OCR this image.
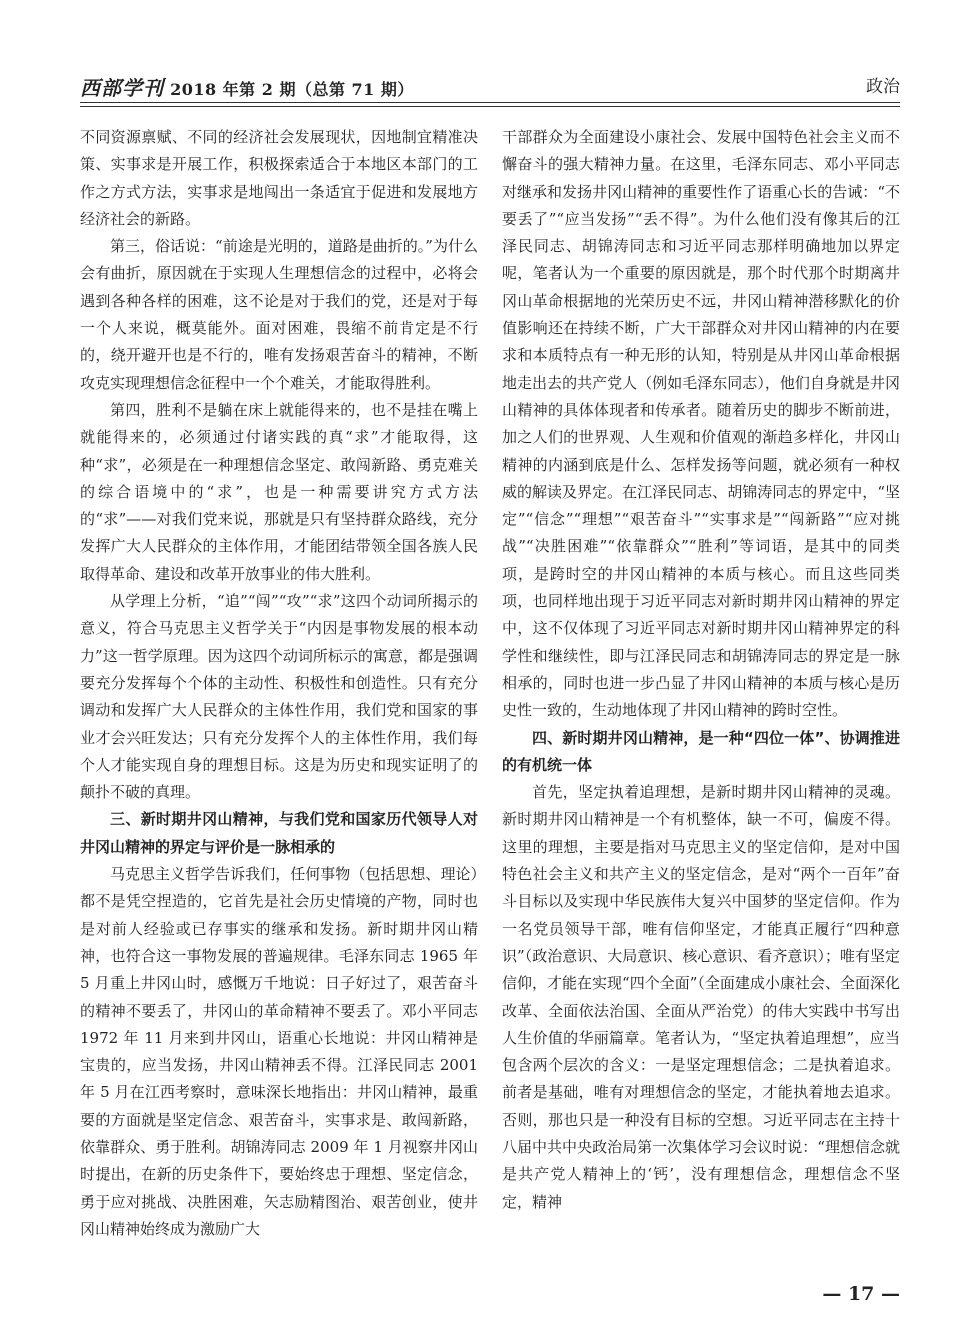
西部学刊 2018 年第 2 期（总第 71 期）	政治

不同资源禀赋、不同的经济社会发展现状，因地制宜精准决策、实事求是开展工作，积极探索适合于本地区本部门的工作之方式方法，实事求是地闯出一条适宜于促进和发展地方经济社会的新路。

第三，俗话说：“前途是光明的，道路是曲折的。”为什么会有曲折，原因就在于实现人生理想信念的过程中，必将会遇到各种各样的困难，这不论是对于我们的党，还是对于每一个人来说，概莫能外。面对困难，畏缩不前肯定是不行的，绕开避开也是不行的，唯有发扬艰苦奋斗的精神，不断攻克实现理想信念征程中一个个难关，才能取得胜利。

第四，胜利不是躺在床上就能得来的，也不是挂在嘴上就能得来的，必须通过付诸实践的真“求”才能取得，这种“求”，必须是在一种理想信念坚定、敢闯新路、勇克难关的综合语境中的“求”，也是一种需要讲究方式方法的“求”——对我们党来说，那就是只有坚持群众路线，充分发挥广大人民群众的主体作用，才能团结带领全国各族人民取得革命、建设和改革开放事业的伟大胜利。

从学理上分析，“追”“闯”“攻”“求”这四个动词所揭示的意义，符合马克思主义哲学关于“内因是事物发展的根本动力”这一哲学原理。因为这四个动词所标示的寓意，都是强调要充分发挥每个个体的主动性、积极性和创造性。只有充分调动和发挥广大人民群众的主体性作用，我们党和国家的事业才会兴旺发达；只有充分发挥个人的主体性作用，我们每个人才能实现自身的理想目标。这是为历史和现实证明了的颠扑不破的真理。

三、新时期井冈山精神，与我们党和国家历代领导人对井冈山精神的界定与评价是一脉相承的

马克思主义哲学告诉我们，任何事物（包括思想、理论）都不是凭空捏造的，它首先是社会历史情境的产物，同时也是对前人经验或已存事实的继承和发扬。新时期井冈山精神，也符合这一事物发展的普遍规律。毛泽东同志 1965 年 5 月重上井冈山时，感慨万千地说：日子好过了，艰苦奋斗的精神不要丢了，井冈山的革命精神不要丢了。邓小平同志 1972 年 11 月来到井冈山，语重心长地说：井冈山精神是宝贵的，应当发扬，井冈山精神丢不得。江泽民同志 2001 年 5 月在江西考察时，意味深长地指出：井冈山精神，最重要的方面就是坚定信念、艰苦奋斗，实事求是、敢闯新路，依靠群众、勇于胜利。胡锦涛同志 2009 年 1 月视察井冈山时提出，在新的历史条件下，要始终忠于理想、坚定信念，勇于应对挑战、决胜困难，矢志励精图治、艰苦创业，使井冈山精神始终成为激励广大

干部群众为全面建设小康社会、发展中国特色社会主义而不懈奋斗的强大精神力量。在这里，毛泽东同志、邓小平同志对继承和发扬井冈山精神的重要性作了语重心长的告诫：“不要丢了”“应当发扬”“丢不得”。为什么他们没有像其后的江泽民同志、胡锦涛同志和习近平同志那样明确地加以界定呢，笔者认为一个重要的原因就是，那个时代那个时期离井冈山革命根据地的光荣历史不远，井冈山精神潜移默化的价值影响还在持续不断，广大干部群众对井冈山精神的内在要求和本质特点有一种无形的认知，特别是从井冈山革命根据地走出去的共产党人（例如毛泽东同志），他们自身就是井冈山精神的具体体现者和传承者。随着历史的脚步不断前进，加之人们的世界观、人生观和价值观的渐趋多样化，井冈山精神的内涵到底是什么、怎样发扬等问题，就必须有一种权威的解读及界定。在江泽民同志、胡锦涛同志的界定中，“坚定”“信念”“理想”“艰苦奋斗”“实事求是”“闯新路”“应对挑战”“决胜困难”“依靠群众”“胜利”等词语，是其中的同类项，是跨时空的井冈山精神的本质与核心。而且这些同类项，也同样地出现于习近平同志对新时期井冈山精神的界定中，这不仅体现了习近平同志对新时期井冈山精神界定的科学性和继续性，即与江泽民同志和胡锦涛同志的界定是一脉相承的，同时也进一步凸显了井冈山精神的本质与核心是历史性一致的，生动地体现了井冈山精神的跨时空性。

四、新时期井冈山精神，是一种“四位一体”、协调推进的有机统一体

首先，坚定执着追理想，是新时期井冈山精神的灵魂。新时期井冈山精神是一个有机整体，缺一不可，偏废不得。这里的理想，主要是指对马克思主义的坚定信仰，是对中国特色社会主义和共产主义的坚定信念，是对“两个一百年”奋斗目标以及实现中华民族伟大复兴中国梦的坚定信仰。作为一名党员领导干部，唯有信仰坚定，才能真正履行“四种意识”（政治意识、大局意识、核心意识、看齐意识）；唯有坚定信仰，才能在实现“四个全面”（全面建成小康社会、全面深化改革、全面依法治国、全面从严治党）的伟大实践中书写出人生价值的华丽篇章。笔者认为，“坚定执着追理想”，应当包含两个层次的含义：一是坚定理想信念；二是执着追求。前者是基础，唯有对理想信念的坚定，才能执着地去追求。否则，那也只是一种没有目标的空想。习近平同志在主持十八届中共中央政治局第一次集体学习会议时说：“理想信念就是共产党人精神上的‘钙’，没有理想信念，理想信念不坚定，精神

— 17 —
